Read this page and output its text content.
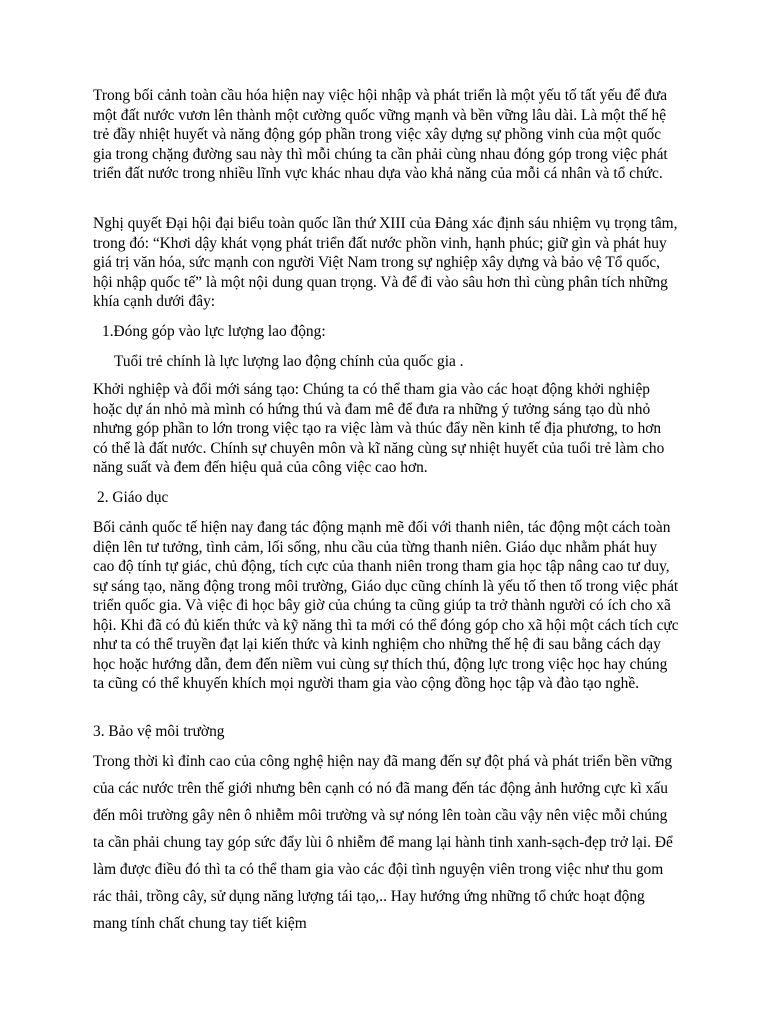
Trong bối cảnh toàn cầu hóa hiện nay việc hội nhập và phát triển là một yếu tố tất yếu để đưa một đất nước vươn lên thành một cường quốc vững mạnh và bền vững lâu dài. Là một thế hệ trẻ đầy nhiệt huyết và năng động góp phần trong việc xây dựng sự phồng vinh của một quốc gia trong chặng đường sau này thì mỗi chúng ta cần phải cùng nhau đóng góp trong việc phát triển đất nước trong nhiều lĩnh vực khác nhau dựa vào khả năng của mỗi cá nhân và tổ chức.

Nghị quyết Đại hội đại biểu toàn quốc lần thứ XIII của Đảng xác định sáu nhiệm vụ trọng tâm, trong đó: “Khơi dậy khát vọng phát triển đất nước phồn vinh, hạnh phúc; giữ gìn và phát huy giá trị văn hóa, sức mạnh con người Việt Nam trong sự nghiệp xây dựng và bảo vệ Tổ quốc, hội nhập quốc tế” là một nội dung quan trọng. Và để đi vào sâu hơn thì cùng phân tích những khía cạnh dưới đây:

1.Đóng góp vào lực lượng lao động:

Tuổi trẻ chính là lực lượng lao động chính của quốc gia .

Khởi nghiệp và đổi mới sáng tạo: Chúng ta có thể tham gia vào các hoạt động khởi nghiệp hoặc dự án nhỏ mà mình có hứng thú và đam mê để đưa ra những ý tưởng sáng tạo dù nhỏ nhưng góp phần to lớn trong việc tạo ra việc làm và thúc đẩy nền kinh tế địa phương, to hơn có thể là đất nước. Chính sự chuyên môn và kĩ năng cùng sự nhiệt huyết của tuổi trẻ làm cho năng suất và đem đến hiệu quả của công việc cao hơn.

2. Giáo dục

Bối cảnh quốc tế hiện nay đang tác động mạnh mẽ đối với thanh niên, tác động một cách toàn diện lên tư tưởng, tình cảm, lối sống, nhu cầu của từng thanh niên. Giáo dục nhằm phát huy cao độ tính tự giác, chủ động, tích cực của thanh niên trong tham gia học tập nâng cao tư duy, sự sáng tạo, năng động trong môi trường, Giáo dục cũng chính là yếu tố then tố trong việc phát triển quốc gia. Và việc đi học bây giờ của chúng ta cũng giúp ta trở thành người có ích cho xã hội. Khi đã có đủ kiến thức và kỹ năng thì ta mới có thể đóng góp cho xã hội một cách tích cực như ta có thể truyền đạt lại kiến thức và kinh nghiệm cho những thế hệ đi sau bằng cách dạy học hoặc hướng dẫn, đem đến niềm vui cùng sự thích thú, động lực trong việc học hay chúng ta cũng có thể khuyến khích mọi người tham gia vào cộng đồng học tập và đào tạo nghề.

3. Bảo vệ môi trường

Trong thời kì đỉnh cao của công nghệ hiện nay đã mang đến sự đột phá và phát triển bền vững của các nước trên thế giới nhưng bên cạnh có nó đã mang đến tác động ảnh hưởng cực kì xấu đến môi trường gây nên ô nhiễm môi trường và sự nóng lên toàn cầu vậy nên việc mỗi chúng ta cần phải chung tay góp sức đẩy lùi ô nhiễm để mang lại hành tinh xanh-sạch-đẹp trở lại. Để làm được điều đó thì ta có thể tham gia vào các đội tình nguyện viên trong việc như thu gom rác thải, trồng cây, sử dụng năng lượng tái tạo,.. Hay hướng ứng những tổ chức hoạt động mang tính chất chung tay tiết kiệm
